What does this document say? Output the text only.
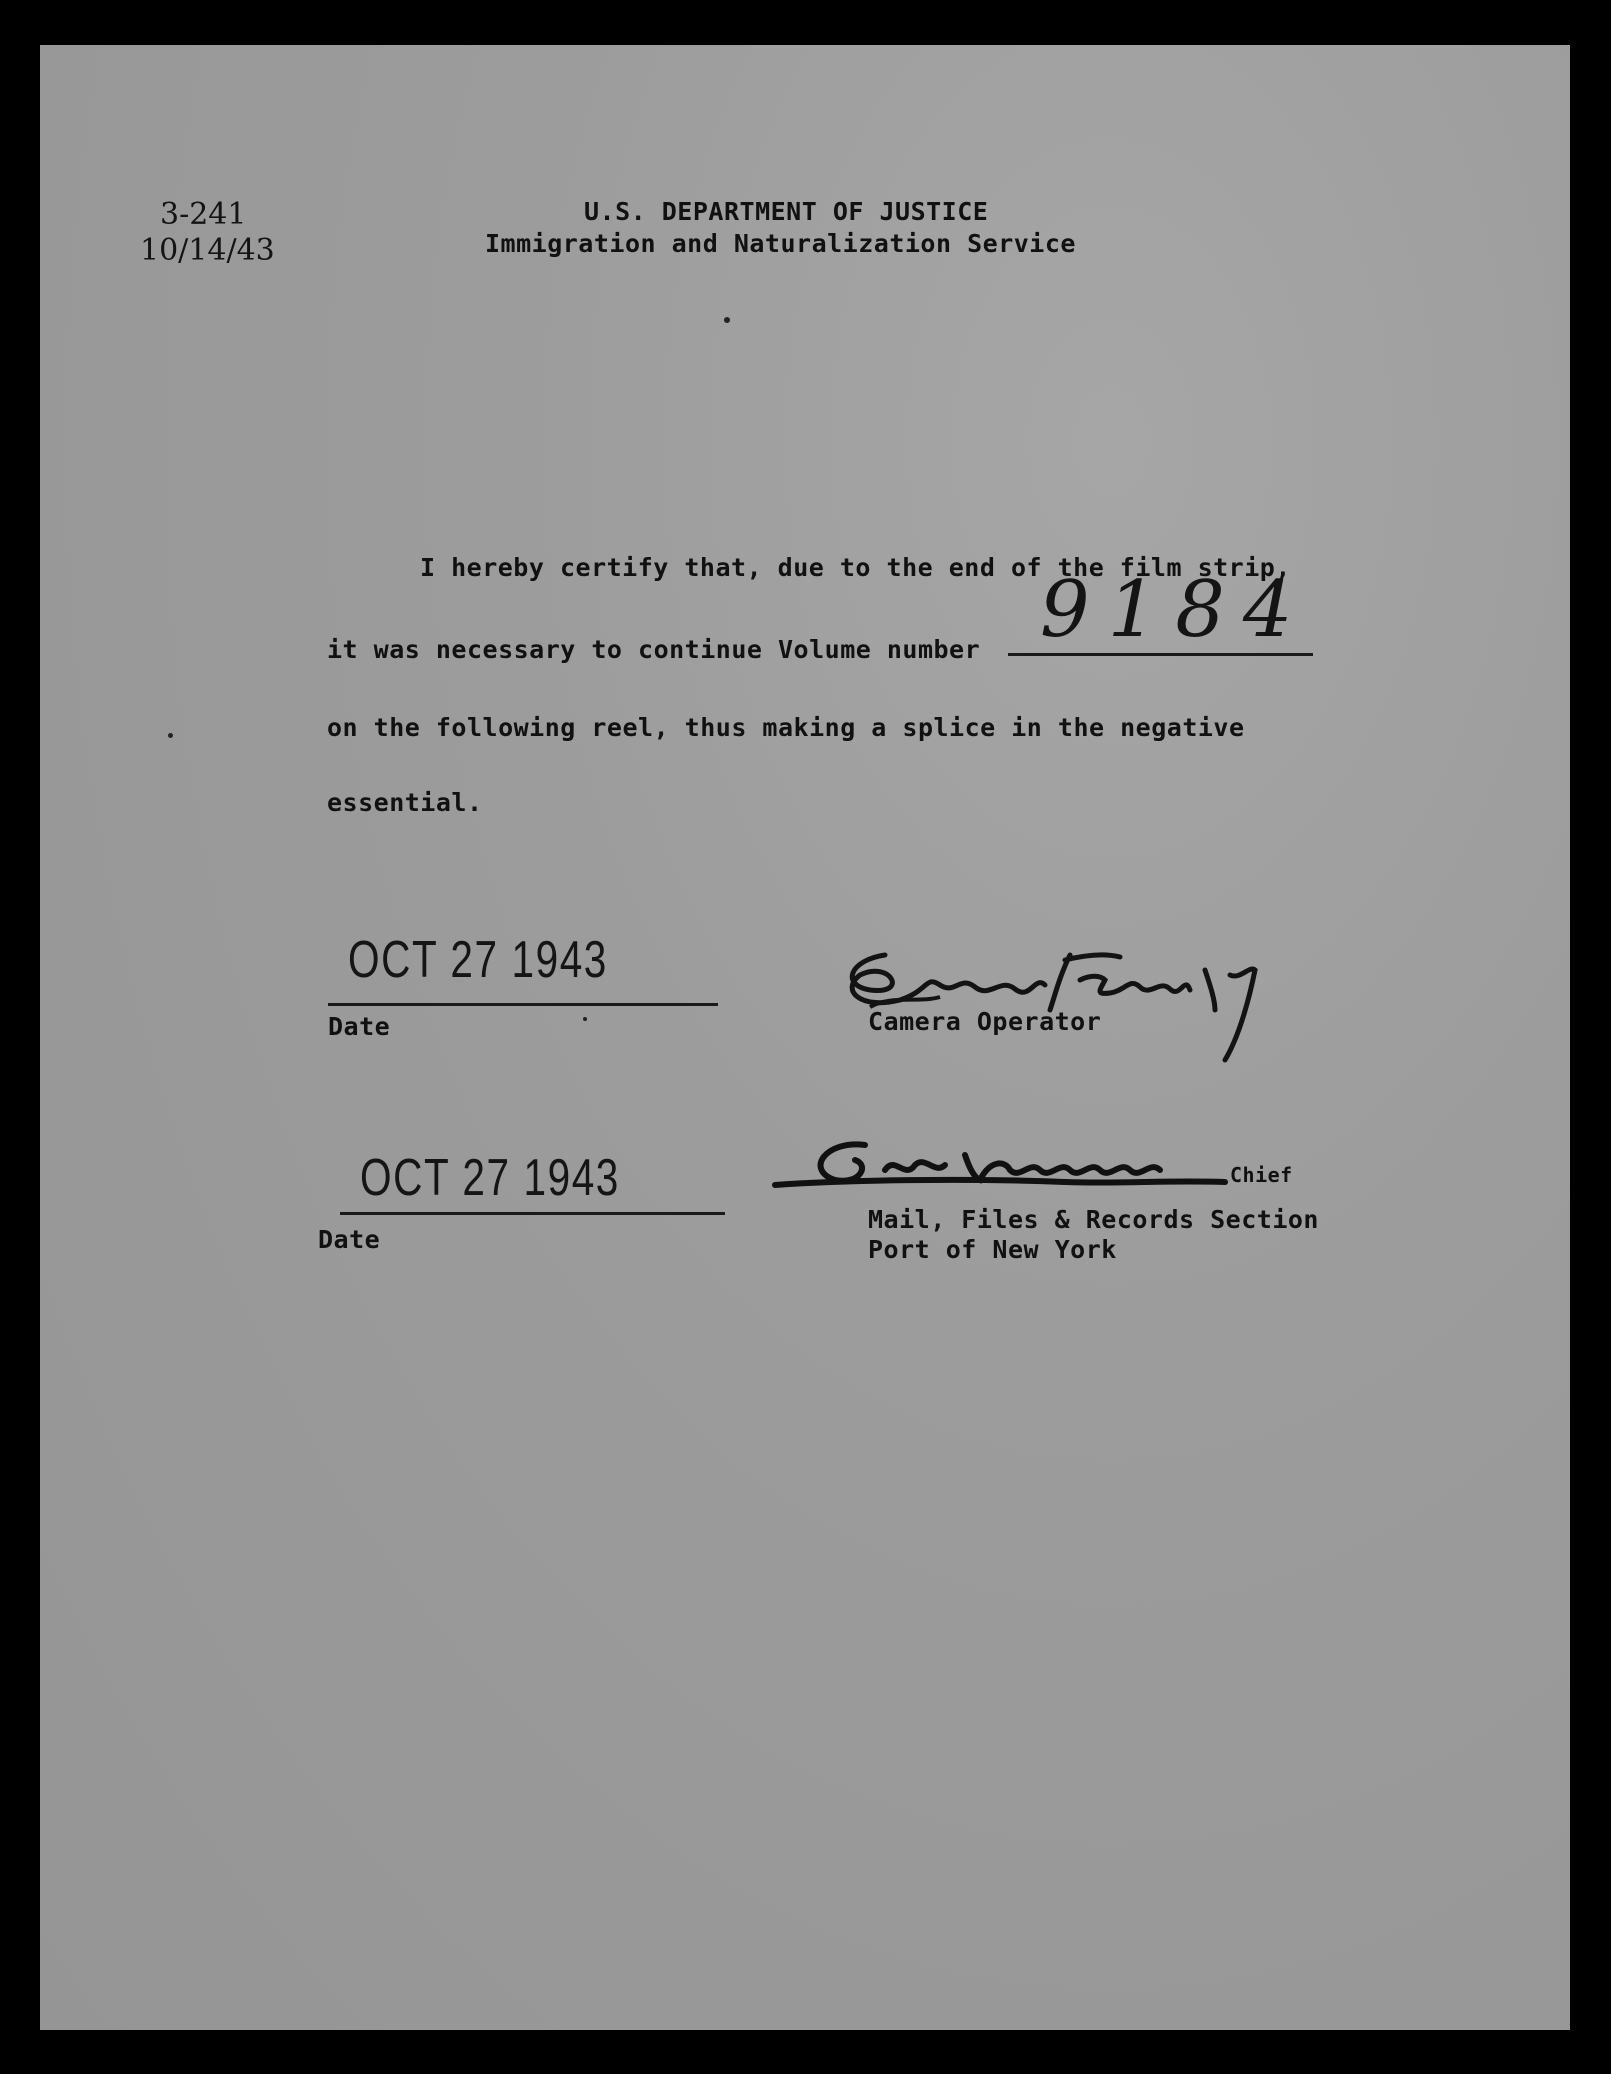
3-241
10/14/43
U.S. DEPARTMENT OF JUSTICE
Immigration and Naturalization Service
I hereby certify that, due to the end of the film strip,
it was necessary to continue Volume number 9184
on the following reel, thus making a splice in the negative
essential.
OCT 27 1943
Date	Camera Operator
OCT 27 1943
Date
Chief
Mail, Files & Records Section
Port of New York
